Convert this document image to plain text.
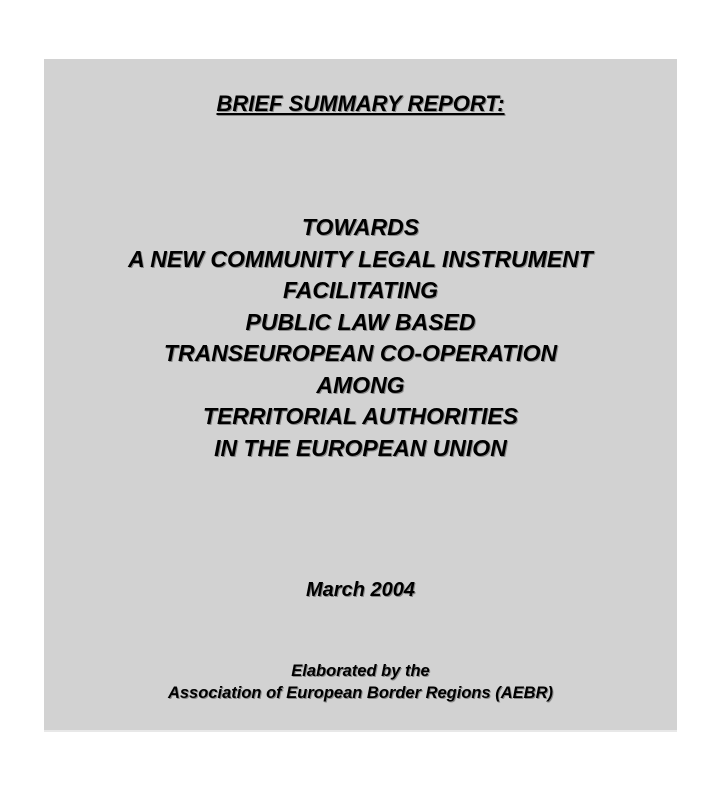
BRIEF SUMMARY REPORT:
TOWARDS
A NEW COMMUNITY LEGAL INSTRUMENT
FACILITATING
PUBLIC LAW BASED
TRANSEUROPEAN CO-OPERATION
AMONG
TERRITORIAL AUTHORITIES
IN THE EUROPEAN UNION

March 2004

Elaborated by the
Association of European Border Regions (AEBR)
